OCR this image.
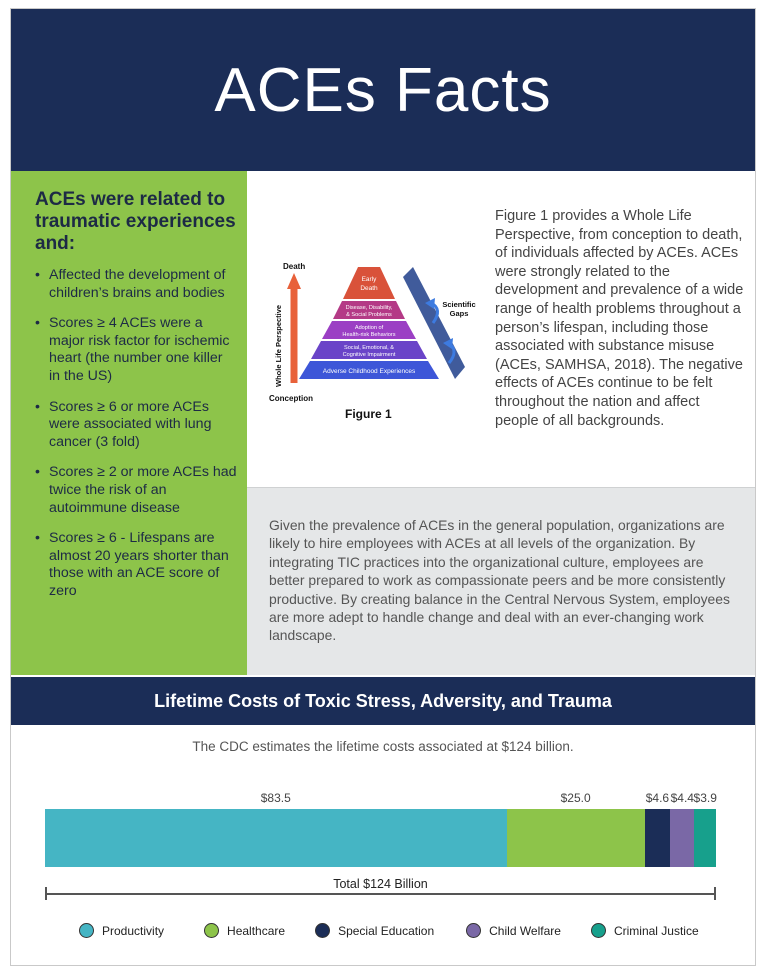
ACEs Facts
ACEs were related to traumatic experiences and:
• Affected the development of children’s brains and bodies
• Scores ≥ 4 ACEs were a major risk factor for ischemic heart (the number one killer in the US)
• Scores ≥ 6 or more ACEs were associated with lung cancer (3 fold)
• Scores ≥ 2 or more ACEs had twice the risk of an autoimmune disease
• Scores ≥ 6 - Lifespans are almost 20 years shorter than those with an ACE score of zero
Death
Conception
Whole Life Perspective
Early
Death
Disease, Disability,
& Social Problems
Adoption of
Health-risk Behaviors
Social, Emotional, &
Cognitive Impairment
Adverse Childhood Experiences
Scientific
Gaps
Figure 1

Figure 1 provides a Whole Life Perspective, from conception to death, of individuals affected by ACEs. ACEs were strongly related to the development and prevalence of a wide range of health problems throughout a person’s lifespan, including those associated with substance misuse (ACEs, SAMHSA, 2018). The negative effects of ACEs continue to be felt throughout the nation and affect people of all backgrounds.

Given the prevalence of ACEs in the general population, organizations are likely to hire employees with ACEs at all levels of the organization. By integrating TIC practices into the organizational culture, employees are better prepared to work as compassionate peers and be more consistently productive. By creating balance in the Central Nervous System, employees are more adept to handle change and deal with an ever-changing work landscape.

Lifetime Costs of Toxic Stress, Adversity, and Trauma
The CDC estimates the lifetime costs associated at $124 billion.
$83.5	$25.0	$4.6 $4.4 $3.9
Total $124 Billion
Productivity	Healthcare	Special Education	Child Welfare	Criminal Justice
